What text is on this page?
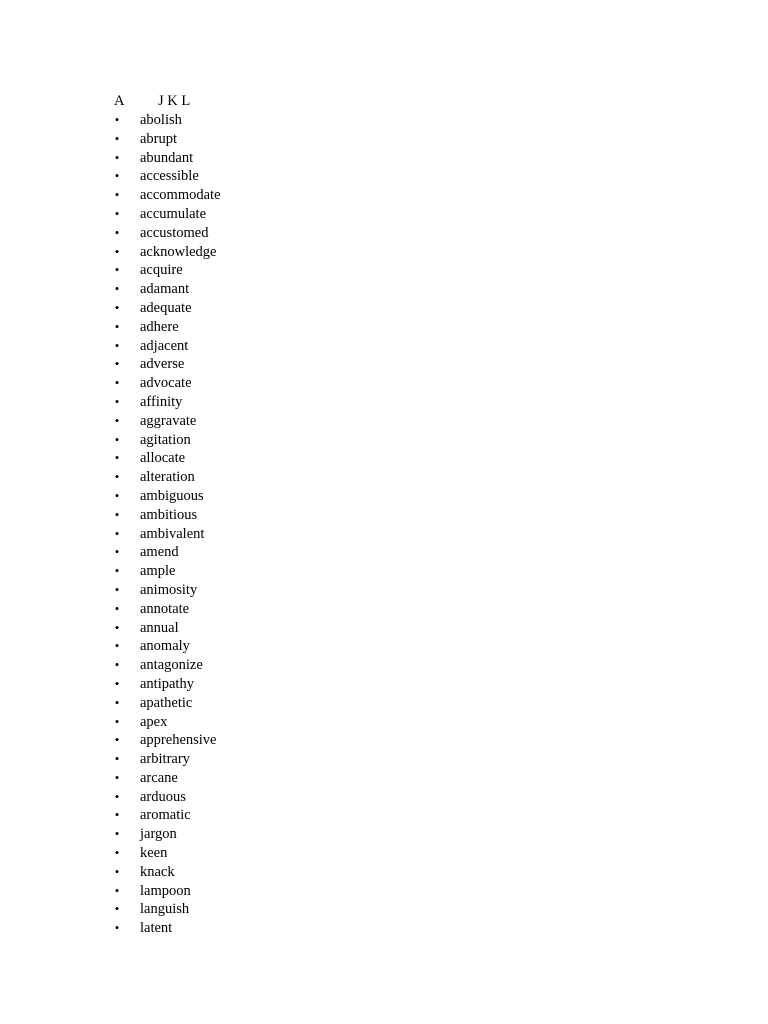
A J K L
• abolish
• abrupt
• abundant
• accessible
• accommodate
• accumulate
• accustomed
• acknowledge
• acquire
• adamant
• adequate
• adhere
• adjacent
• adverse
• advocate
• affinity
• aggravate
• agitation
• allocate
• alteration
• ambiguous
• ambitious
• ambivalent
• amend
• ample
• animosity
• annotate
• annual
• anomaly
• antagonize
• antipathy
• apathetic
• apex
• apprehensive
• arbitrary
• arcane
• arduous
• aromatic
• jargon
• keen
• knack
• lampoon
• languish
• latent
